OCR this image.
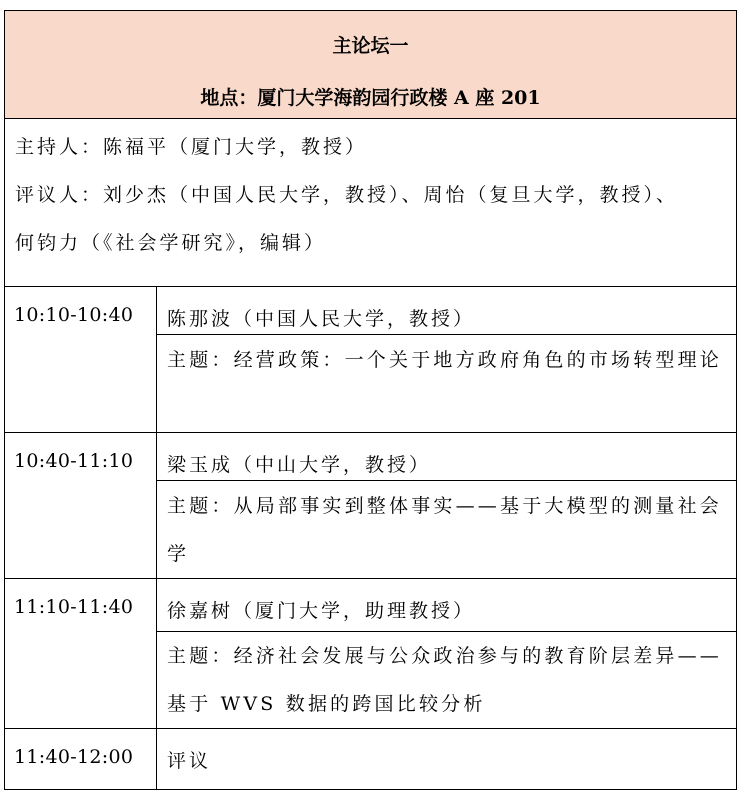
主论坛一
地点：厦门大学海韵园行政楼 A 座 201
主持人：陈福平（厦门大学，教授）
评议人：刘少杰（中国人民大学，教授）、周怡（复旦大学，教授）、
何钧力（《社会学研究》，编辑）
10:10-10:40 陈那波（中国人民大学，教授）
主题：经营政策：一个关于地方政府角色的市场转型理论
10:40-11:10 梁玉成（中山大学，教授）
主题：从局部事实到整体事实——基于大模型的测量社会学
11:10-11:40 徐嘉树（厦门大学，助理教授）
主题：经济社会发展与公众政治参与的教育阶层差异——基于 WVS 数据的跨国比较分析
11:40-12:00 评议
